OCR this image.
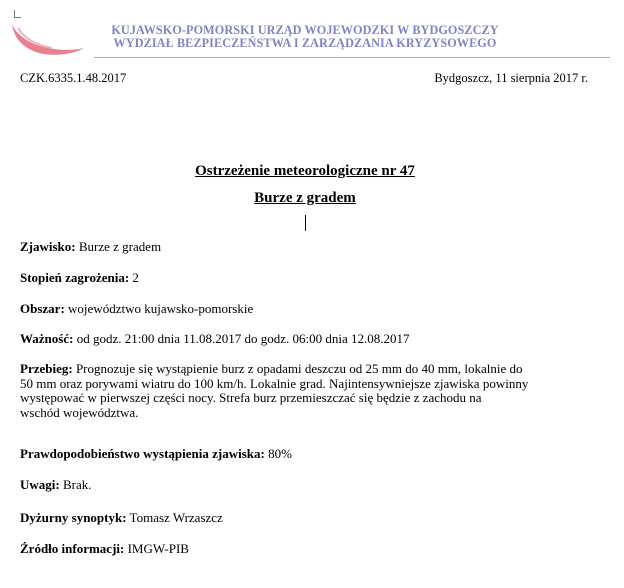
KUJAWSKO-POMORSKI URZĄD WOJEWODZKI W BYDGOSZCZY
WYDZIAŁ BEZPIECZEŃSTWA I ZARZĄDZANIA KRYZYSOWEGO
CZK.6335.1.48.2017	Bydgoszcz, 11 sierpnia 2017 r.
Ostrzeżenie meteorologiczne nr 47
Burze z gradem
Zjawisko: Burze z gradem
Stopień zagrożenia: 2
Obszar: województwo kujawsko-pomorskie
Ważność: od godz. 21:00 dnia 11.08.2017 do godz. 06:00 dnia 12.08.2017
Przebieg: Prognozuje się wystąpienie burz z opadami deszczu od 25 mm do 40 mm, lokalnie do
50 mm oraz porywami wiatru do 100 km/h. Lokalnie grad. Najintensywniejsze zjawiska powinny
występować w pierwszej części nocy. Strefa burz przemieszczać się będzie z zachodu na
wschód województwa.
Prawdopodobieństwo wystąpienia zjawiska: 80%
Uwagi: Brak.
Dyżurny synoptyk: Tomasz Wrzaszcz
Źródło informacji: IMGW-PIB
